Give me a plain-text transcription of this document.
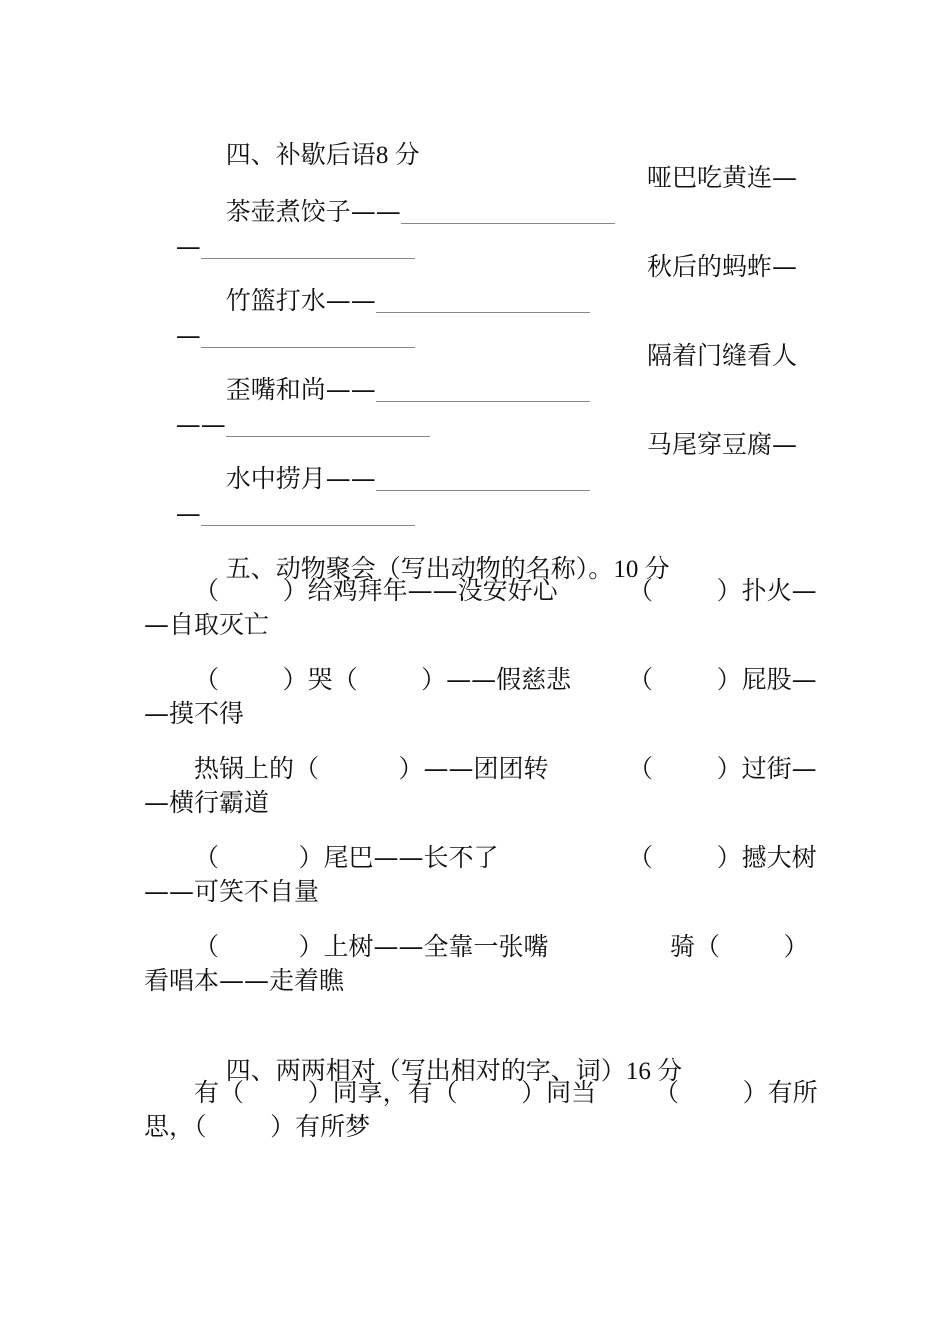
四、补歇后语8 分

茶壶煮饺子——

哑巴吃黄连—

—

竹篮打水——

秋后的蚂蚱—

—

歪嘴和尚——

隔着门缝看人

——

水中捞月——

马尾穿豆腐—

—

五、动物聚会（写出动物的名称）。10 分

（        ）给鸡拜年——没安好心	（        ）扑火—
—自取灭亡
（        ）哭（        ）——假慈悲 （        ）屁股—
—摸不得
热锅上的（          ）——团团转	（        ）过街—
—横行霸道
（          ）尾巴——长不了	（        ）撼大树
——可笑不自量
（          ）上树——全靠一张嘴	骑（        ）
看唱本——走着瞧

四、两两相对（写出相对的字、词）16 分

有（        ）同享，有（        ）同当 （        ）有所
思，（        ）有所梦
